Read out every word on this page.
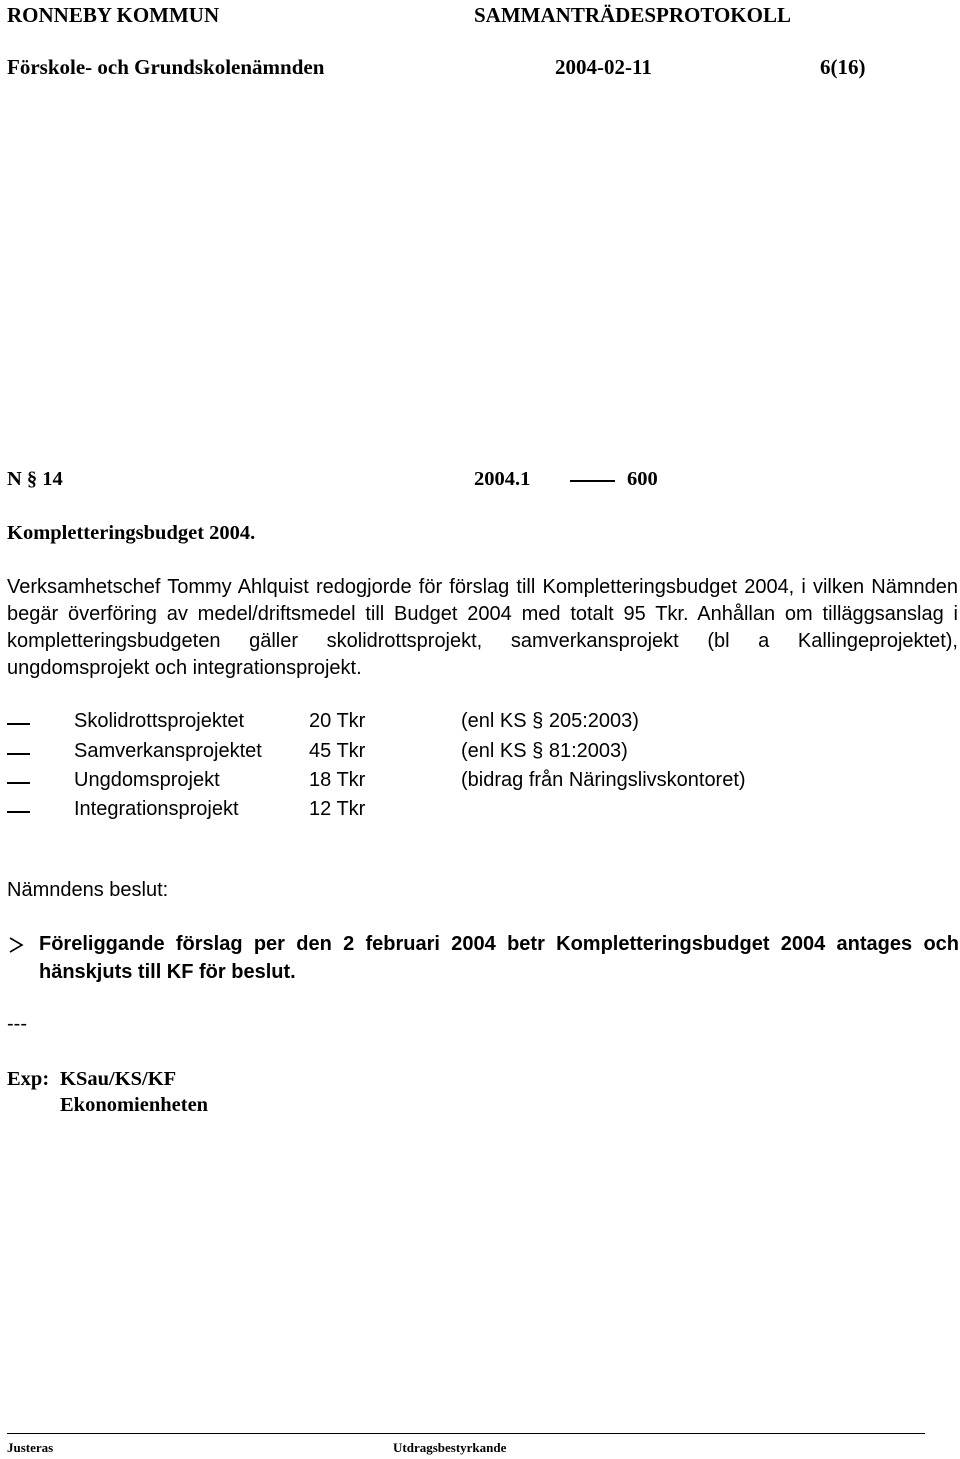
RONNEBY KOMMUN	SAMMANTRÄDESPROTOKOLL
Förskole- och Grundskolenämnden	2004-02-11	6(16)
N § 14	2004.1	600
Kompletteringsbudget 2004.

Verksamhetschef Tommy Ahlquist redogjorde för förslag till Kompletteringsbudget 2004, i vilken Nämnden begär överföring av medel/driftsmedel till Budget 2004 med totalt 95 Tkr. Anhållan om tilläggsanslag i kompletteringsbudgeten gäller skolidrottsprojekt, samverkansprojekt (bl a Kallingeprojektet), ungdomsprojekt och integrationsprojekt.

Skolidrottsprojektet	20 Tkr	(enl KS § 205:2003)
Samverkansprojektet 45 Tkr	(enl KS § 81:2003)
Ungdomsprojekt	18 Tkr	(bidrag från Näringslivskontoret)
Integrationsprojekt	12 Tkr
Nämndens beslut:

Föreliggande förslag per den 2 februari 2004 betr Kompletteringsbudget 2004 antages och hänskjuts till KF för beslut.

---
Exp: KSau/KS/KF
Ekonomienheten
Justeras	Utdragsbestyrkande
